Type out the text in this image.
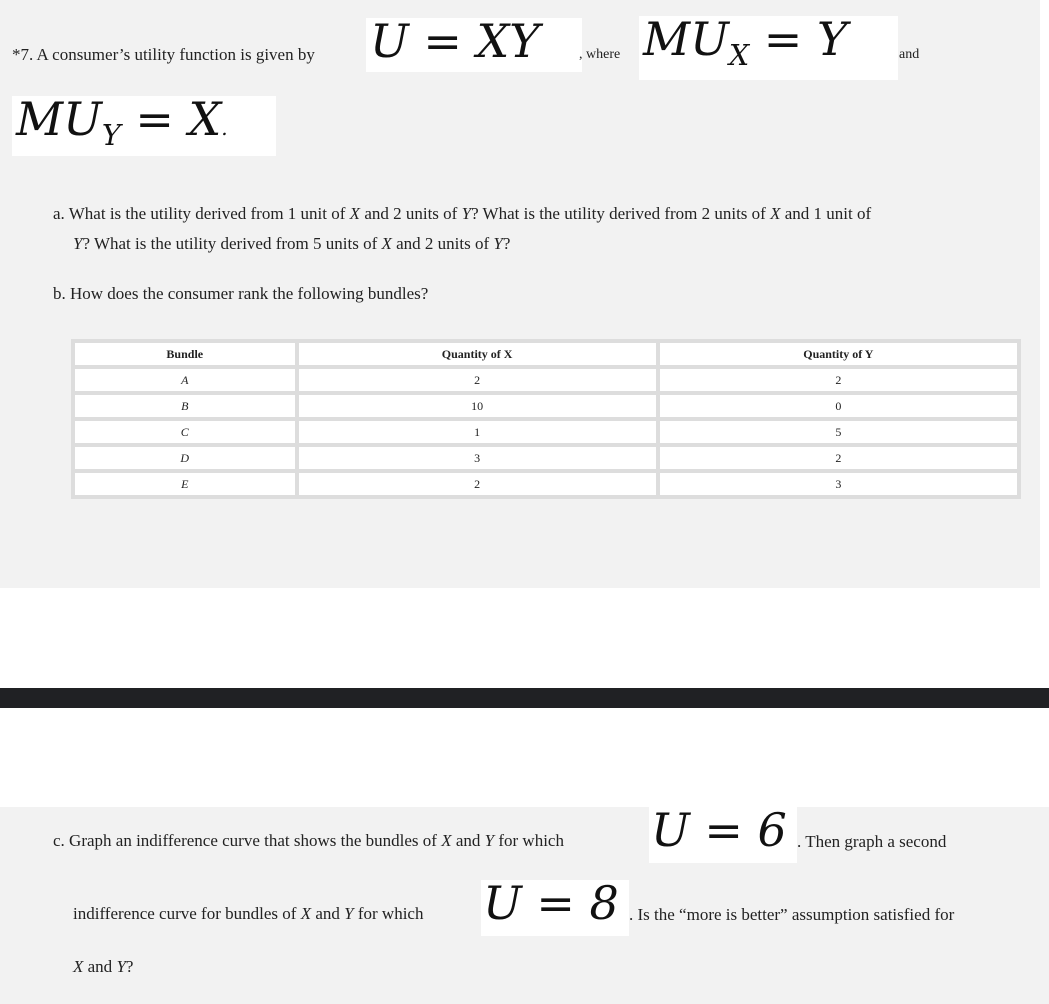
*7. A consumer’s utility function is given by U = XY	, where $MU_X = Y$	and
$MU_Y = X$.
a. What is the utility derived from 1 unit of X and 2 units of Y? What is the utility derived from 2 units of X and 1 unit of
Y? What is the utility derived from 5 units of X and 2 units of Y?
b. How does the consumer rank the following bundles?
Bundle	Quantity of X	Quantity of Y
A	2	2
B	10	0
C	1	5
D	3	2
E	2	3
c. Graph an indifference curve that shows the bundles of X and Y for which U = 6 . Then graph a second
indifference curve for bundles of X and Y for which U = 8 . Is the “more is better” assumption satisfied for
X and Y?
